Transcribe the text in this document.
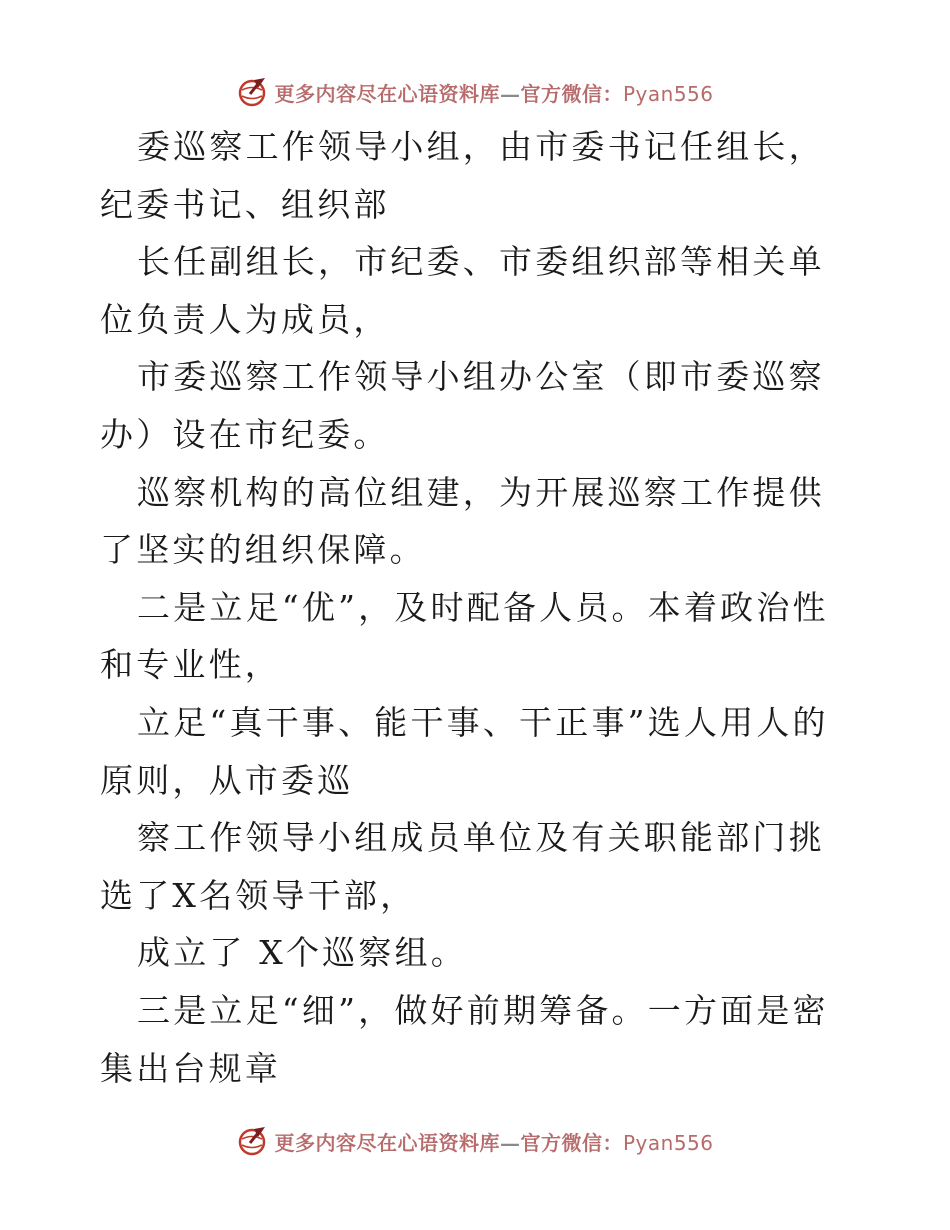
更多内容尽在心语资料库—官方微信：Pyan556

委巡察工作领导小组，由市委书记任组长，纪委书记、组织部

长任副组长，市纪委、市委组织部等相关单位负责人为成员，

市委巡察工作领导小组办公室（即市委巡察办）设在市纪委。

巡察机构的高位组建，为开展巡察工作提供了坚实的组织保障。

二是立足“优”，及时配备人员。本着政治性和专业性，

立足“真干事、能干事、干正事”选人用人的原则，从市委巡

察工作领导小组成员单位及有关职能部门挑选了X名领导干部，

成立了 X个巡察组。

三是立足“细”，做好前期筹备。一方面是密集出台规章

更多内容尽在心语资料库—官方微信：Pyan556
